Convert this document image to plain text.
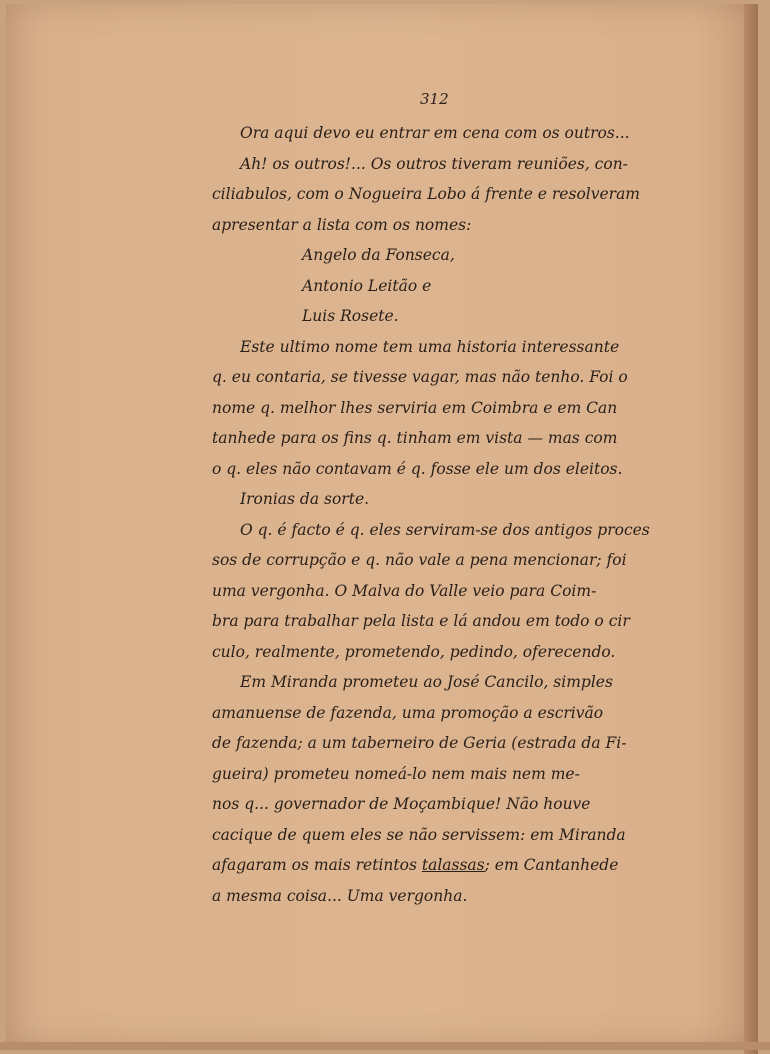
312
Ora aqui devo eu entrar em cena com os outros...
Ah! os outros!... Os outros tiveram reuniões, con-
ciliabulos, com o Nogueira Lobo á frente e resolveram
apresentar a lista com os nomes:
Angelo da Fonseca,
Antonio Leitão e
Luis Rosete.
Este ultimo nome tem uma historia interessante
q. eu contaria, se tivesse vagar, mas não tenho. Foi o
nome q. melhor lhes serviria em Coimbra e em Can
tanhede para os fins q. tinham em vista — mas com
o q. eles não contavam é q. fosse ele um dos eleitos.
Ironias da sorte.
O q. é facto é q. eles serviram-se dos antigos proces
sos de corrupção e q. não vale a pena mencionar; foi
uma vergonha. O Malva do Valle veio para Coim-
bra para trabalhar pela lista e lá andou em todo o cir
culo, realmente, prometendo, pedindo, oferecendo.
Em Miranda prometeu ao José Cancilo, simples
amanuense de fazenda, uma promoção a escrivão
de fazenda; a um taberneiro de Geria (estrada da Fi-
gueira) prometeu nomeá-lo nem mais nem me-
nos q... governador de Moçambique! Não houve
cacique de quem eles se não servissem: em Miranda
afagaram os mais retintos talassas; em Cantanhede
a mesma coisa... Uma vergonha.
